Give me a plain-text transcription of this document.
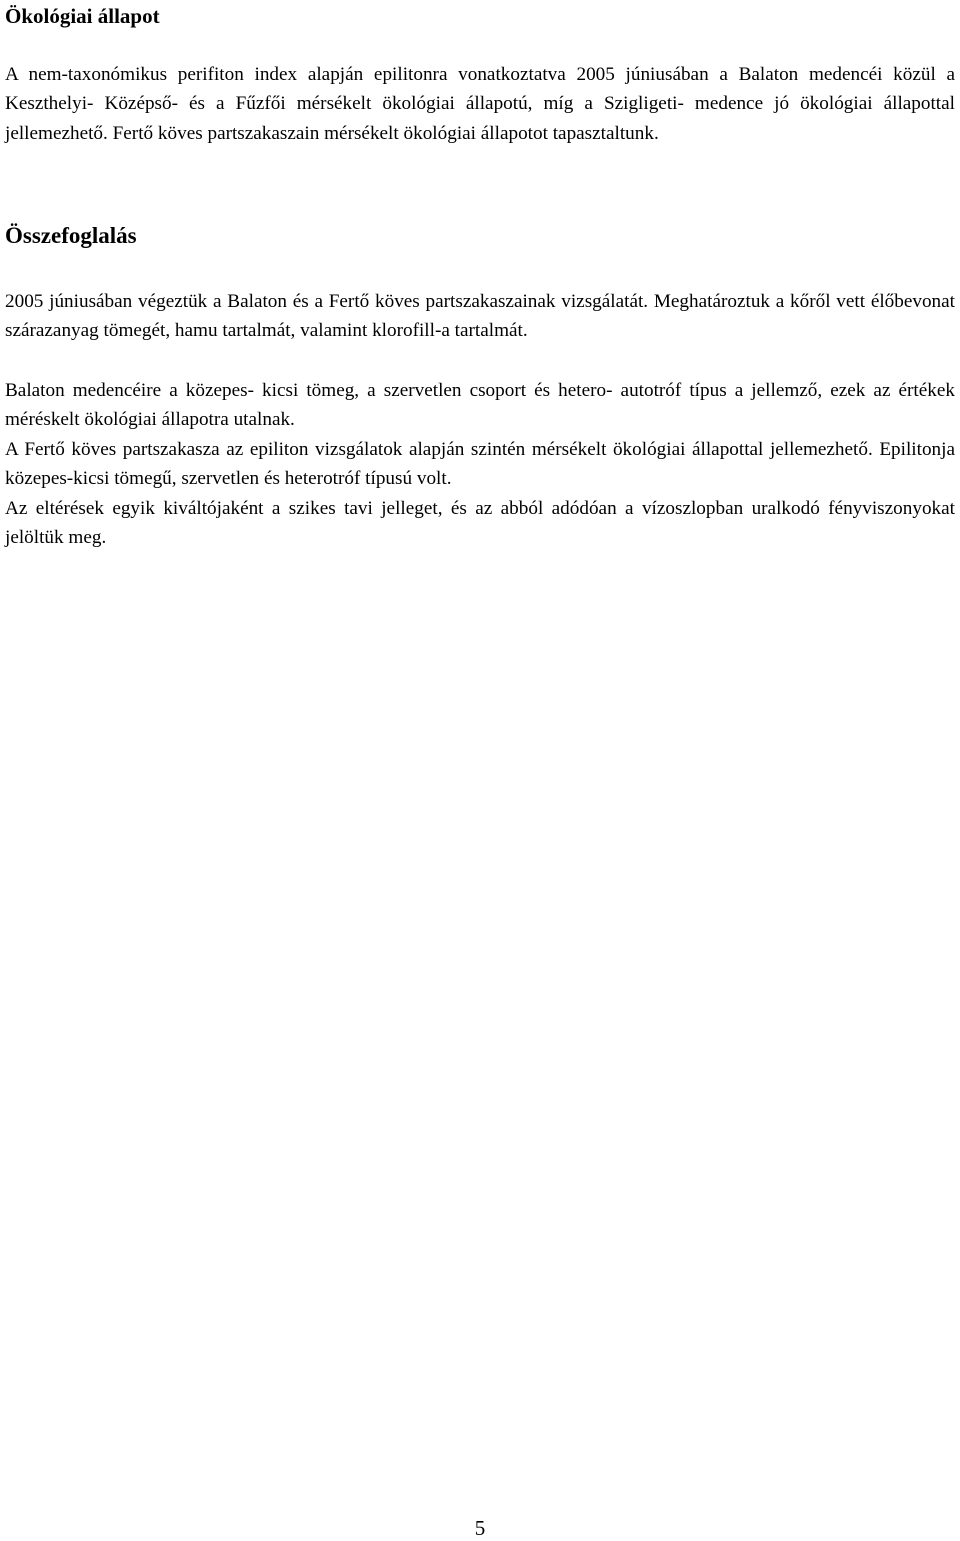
Ökológiai állapot

A nem-taxonómikus perifiton index alapján epilitonra vonatkoztatva 2005 júniusában a Balaton medencéi közül a Keszthelyi- Középső- és a Fűzfői mérsékelt ökológiai állapotú, míg a Szigligeti- medence jó ökológiai állapottal jellemezhető. Fertő köves partszakaszain mérsékelt ökológiai állapotot tapasztaltunk.

Összefoglalás

2005 júniusában végeztük a Balaton és a Fertő köves partszakaszainak vizsgálatát. Meghatároztuk a kőről vett élőbevonat szárazanyag tömegét, hamu tartalmát, valamint klorofill-a tartalmát.

Balaton medencéire a közepes- kicsi tömeg, a szervetlen csoport és hetero- autotróf típus a jellemző, ezek az értékek méréskelt ökológiai állapotra utalnak.

A Fertő köves partszakasza az epiliton vizsgálatok alapján szintén mérsékelt ökológiai állapottal jellemezhető. Epilitonja közepes-kicsi tömegű, szervetlen és heterotróf típusú volt.

Az eltérések egyik kiváltójaként a szikes tavi jelleget, és az abból adódóan a vízoszlopban uralkodó fényviszonyokat jelöltük meg.

5
